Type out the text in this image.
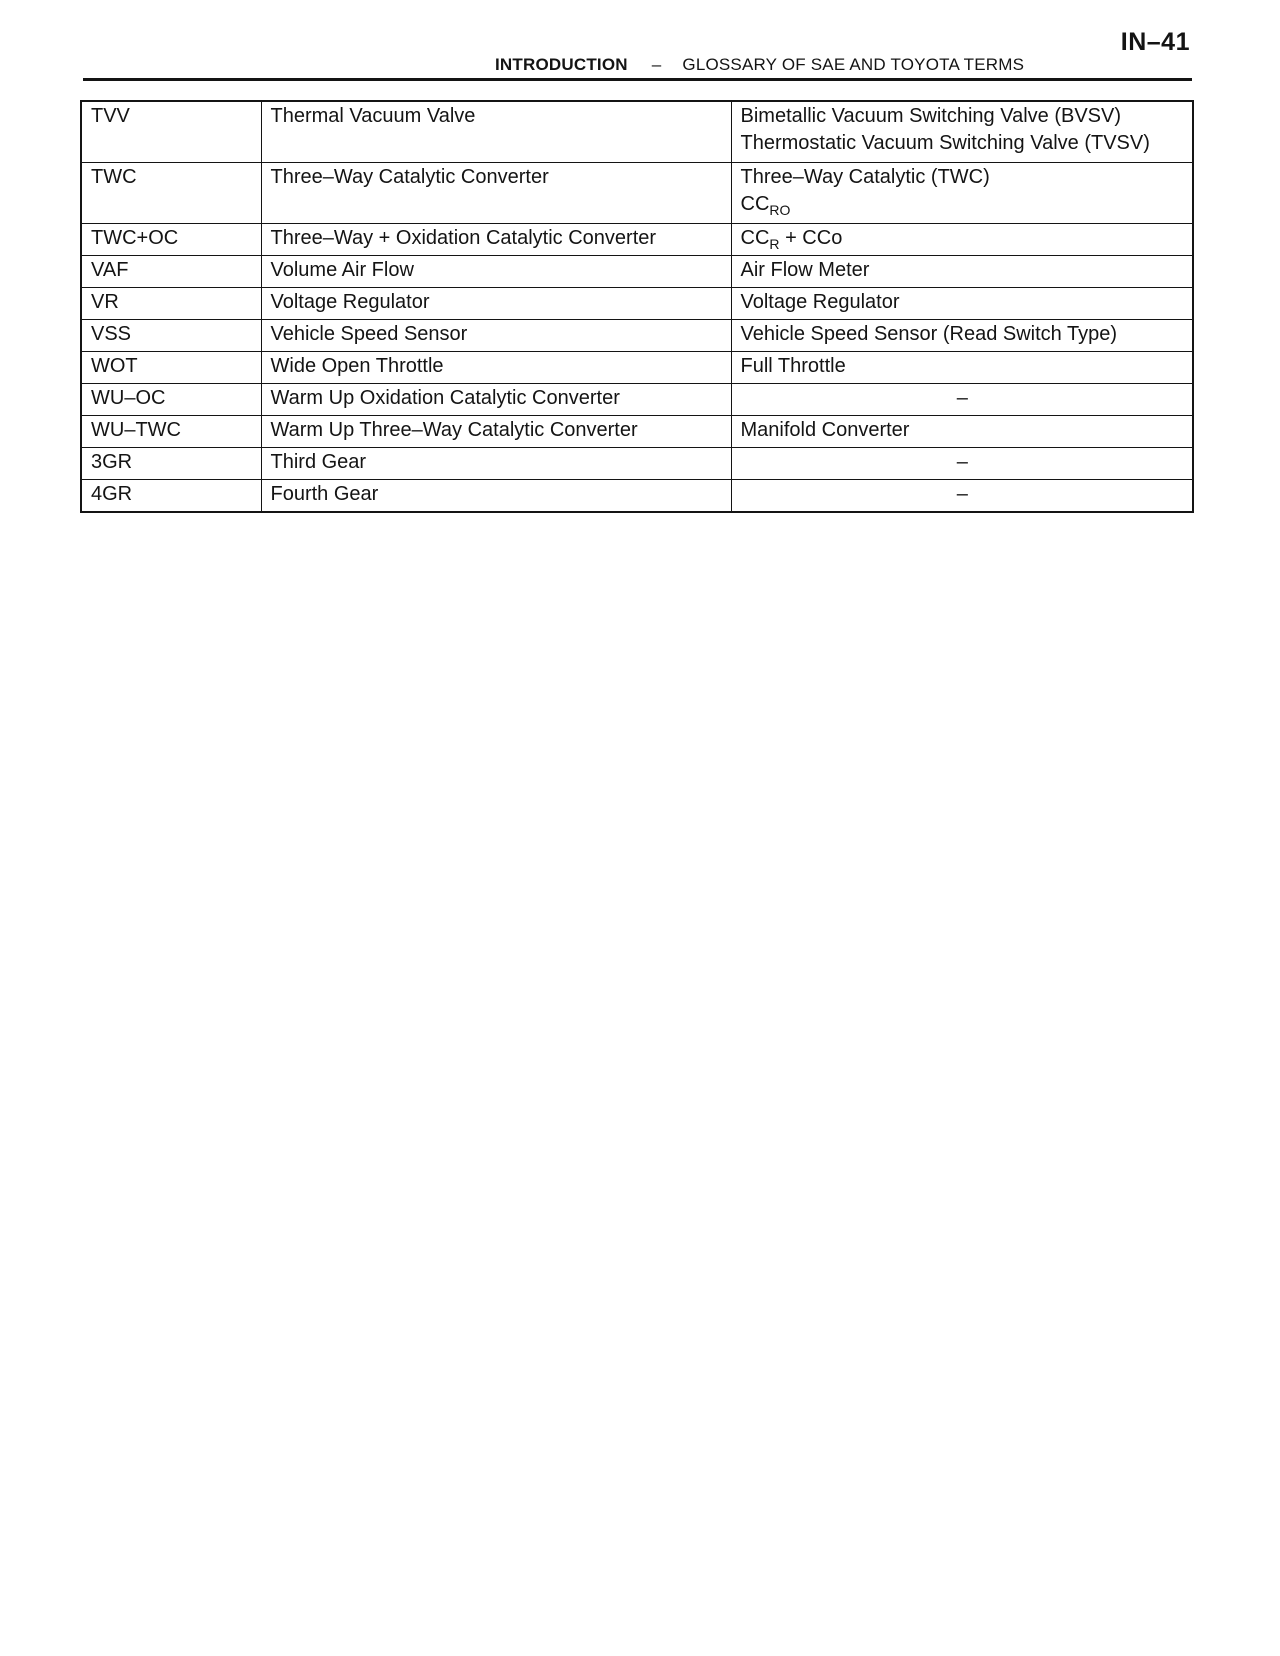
IN–41
INTRODUCTION – GLOSSARY OF SAE AND TOYOTA TERMS
TVV	Thermal Vacuum Valve	Bimetallic Vacuum Switching Valve (BVSV)
Thermostatic Vacuum Switching Valve (TVSV)

TWC	Three–Way Catalytic Converter	Three–Way Catalytic (TWC)
$CC_{RO}$

TWC+OC	Three–Way + Oxidation Catalytic Converter	$CC_R$ + CCo
VAF	Volume Air Flow	Air Flow Meter
VR	Voltage Regulator	Voltage Regulator
VSS	Vehicle Speed Sensor	Vehicle Speed Sensor (Read Switch Type)
WOT	Wide Open Throttle	Full Throttle
WU–OC	Warm Up Oxidation Catalytic Converter	–
WU–TWC	Warm Up Three–Way Catalytic Converter	Manifold Converter
3GR	Third Gear	–
4GR	Fourth Gear	–
